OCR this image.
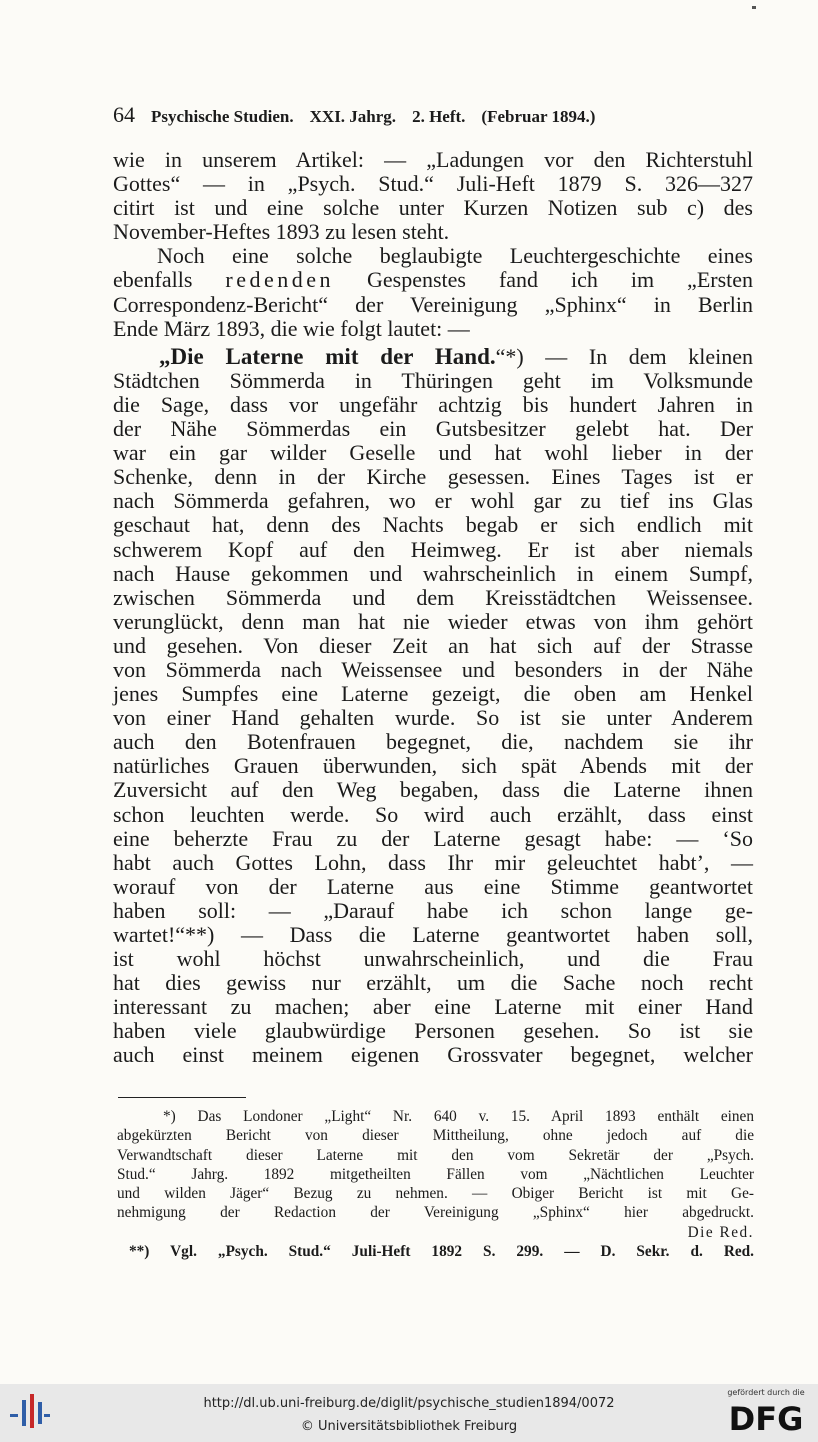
64 Psychische Studien. XXI. Jahrg. 2. Heft. (Februar 1894.)
wie in unserem Artikel: — „Ladungen vor den Richterstuhl
Gottes“ — in „Psych. Stud.“ Juli-Heft 1879 S. 326—327
citirt ist und eine solche unter Kurzen Notizen sub c) des
November-Heftes 1893 zu lesen steht.
Noch eine solche beglaubigte Leuchtergeschichte eines
ebenfalls redenden Gespenstes fand ich im „Ersten
Correspondenz-Bericht“ der Vereinigung „Sphinx“ in Berlin
Ende März 1893, die wie folgt lautet: —
„Die Laterne mit der Hand.“*) — In dem kleinen
Städtchen Sömmerda in Thüringen geht im Volksmunde
die Sage, dass vor ungefähr achtzig bis hundert Jahren in
der Nähe Sömmerdas ein Gutsbesitzer gelebt hat. Der
war ein gar wilder Geselle und hat wohl lieber in der
Schenke, denn in der Kirche gesessen. Eines Tages ist er
nach Sömmerda gefahren, wo er wohl gar zu tief ins Glas
geschaut hat, denn des Nachts begab er sich endlich mit
schwerem Kopf auf den Heimweg. Er ist aber niemals
nach Hause gekommen und wahrscheinlich in einem Sumpf,
zwischen Sömmerda und dem Kreisstädtchen Weissensee.
verunglückt, denn man hat nie wieder etwas von ihm gehört
und gesehen. Von dieser Zeit an hat sich auf der Strasse
von Sömmerda nach Weissensee und besonders in der Nähe
jenes Sumpfes eine Laterne gezeigt, die oben am Henkel
von einer Hand gehalten wurde. So ist sie unter Anderem
auch den Botenfrauen begegnet, die, nachdem sie ihr
natürliches Grauen überwunden, sich spät Abends mit der
Zuversicht auf den Weg begaben, dass die Laterne ihnen
schon leuchten werde. So wird auch erzählt, dass einst
eine beherzte Frau zu der Laterne gesagt habe: — ‘So
habt auch Gottes Lohn, dass Ihr mir geleuchtet habt’, —
worauf von der Laterne aus eine Stimme geantwortet
haben soll: — „Darauf habe ich schon lange ge-
wartet!“**) — Dass die Laterne geantwortet haben soll,
ist wohl höchst unwahrscheinlich, und die Frau
hat dies gewiss nur erzählt, um die Sache noch recht
interessant zu machen; aber eine Laterne mit einer Hand
haben viele glaubwürdige Personen gesehen. So ist sie
auch einst meinem eigenen Grossvater begegnet, welcher
*) Das Londoner „Light“ Nr. 640 v. 15. April 1893 enthält einen
abgekürzten Bericht von dieser Mittheilung, ohne jedoch auf die
Verwandtschaft dieser Laterne mit den vom Sekretär der „Psych.
Stud.“ Jahrg. 1892 mitgetheilten Fällen vom „Nächtlichen Leuchter
und wilden Jäger“ Bezug zu nehmen. — Obiger Bericht ist mit Ge-
nehmigung der Redaction der Vereinigung „Sphinx“ hier abgedruckt.
Die Red.
**) Vgl. „Psych. Stud.“ Juli-Heft 1892 S. 299. — D. Sekr. d. Red.
http://dl.ub.uni-freiburg.de/diglit/psychische_studien1894/0072
© Universitätsbibliothek Freiburg
gefördert durch die
DFG
